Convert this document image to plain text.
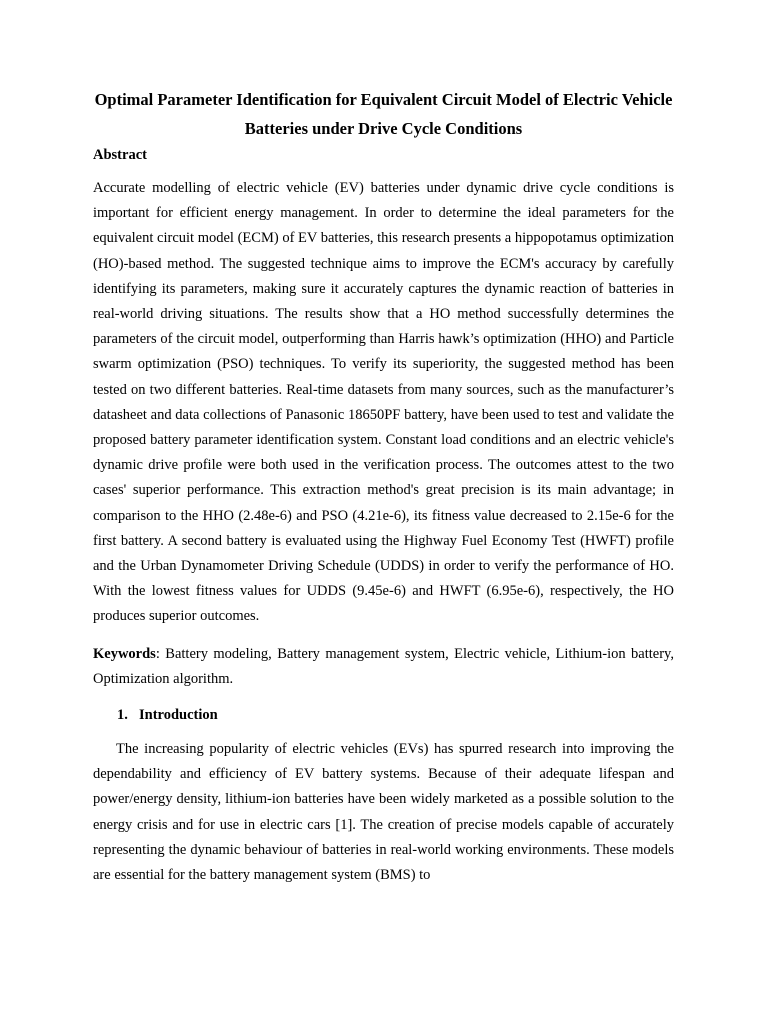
Optimal Parameter Identification for Equivalent Circuit Model of Electric Vehicle Batteries under Drive Cycle Conditions
Abstract

Accurate modelling of electric vehicle (EV) batteries under dynamic drive cycle conditions is important for efficient energy management. In order to determine the ideal parameters for the equivalent circuit model (ECM) of EV batteries, this research presents a hippopotamus optimization (HO)-based method. The suggested technique aims to improve the ECM's accuracy by carefully identifying its parameters, making sure it accurately captures the dynamic reaction of batteries in real-world driving situations. The results show that a HO method successfully determines the parameters of the circuit model, outperforming than Harris hawk’s optimization (HHO) and Particle swarm optimization (PSO) techniques. To verify its superiority, the suggested method has been tested on two different batteries. Real-time datasets from many sources, such as the manufacturer’s datasheet and data collections of Panasonic 18650PF battery, have been used to test and validate the proposed battery parameter identification system. Constant load conditions and an electric vehicle's dynamic drive profile were both used in the verification process. The outcomes attest to the two cases' superior performance. This extraction method's great precision is its main advantage; in comparison to the HHO (2.48e-6) and PSO (4.21e-6), its fitness value decreased to 2.15e-6 for the first battery. A second battery is evaluated using the Highway Fuel Economy Test (HWFT) profile and the Urban Dynamometer Driving Schedule (UDDS) in order to verify the performance of HO. With the lowest fitness values for UDDS (9.45e-6) and HWFT (6.95e-6), respectively, the HO produces superior outcomes.

Keywords: Battery modeling, Battery management system, Electric vehicle, Lithium-ion battery, Optimization algorithm.

1. Introduction

The increasing popularity of electric vehicles (EVs) has spurred research into improving the dependability and efficiency of EV battery systems. Because of their adequate lifespan and power/energy density, lithium-ion batteries have been widely marketed as a possible solution to the energy crisis and for use in electric cars [1]. The creation of precise models capable of accurately representing the dynamic behaviour of batteries in real-world working environments. These models are essential for the battery management system (BMS) to
